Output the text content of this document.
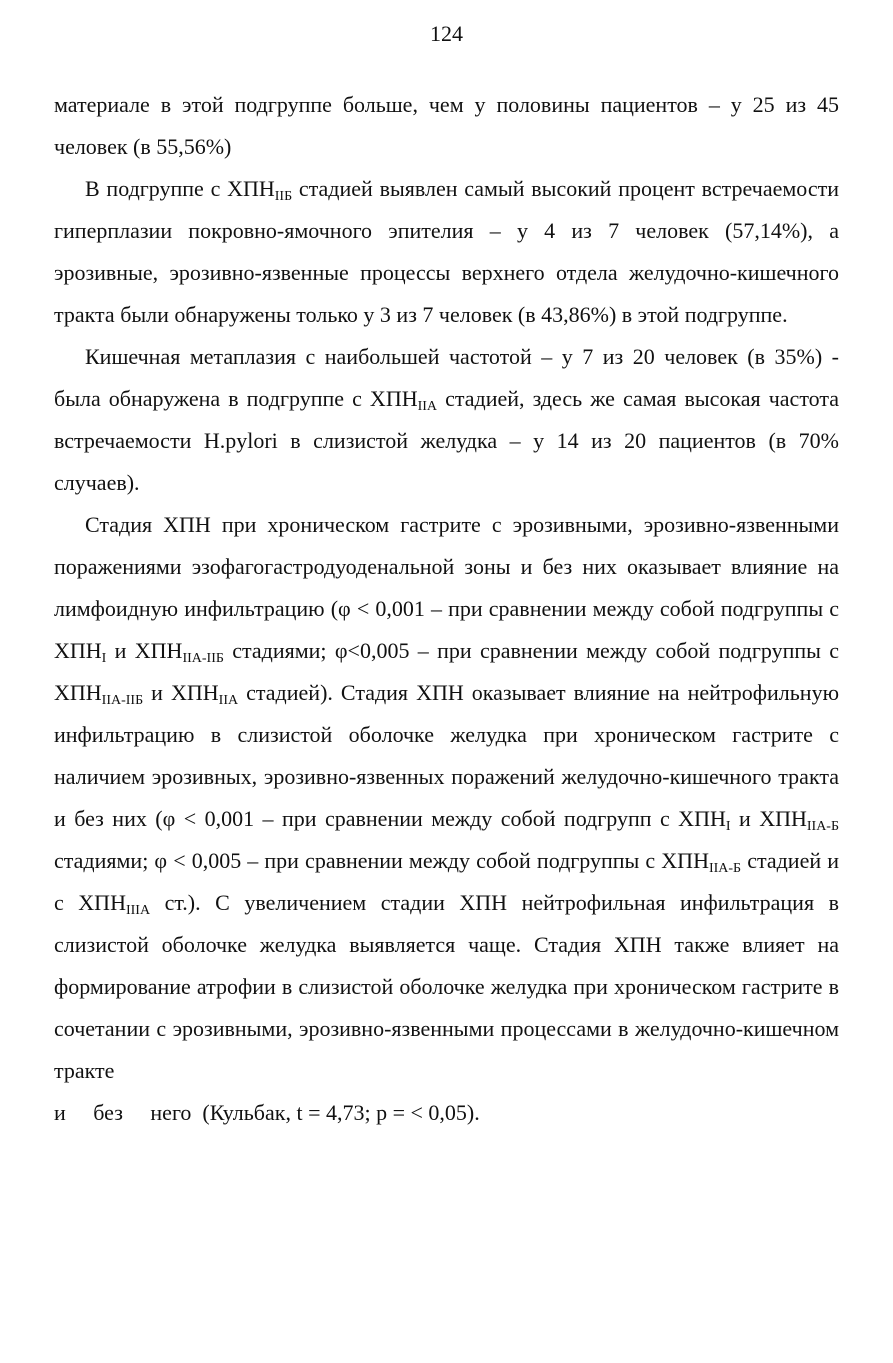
124

материале в этой подгруппе больше, чем у половины пациентов – у 25 из 45 человек (в 55,56%)

В подгруппе с $ХПН_{IIБ}$ стадией выявлен самый высокий процент встречаемости гиперплазии покровно-ямочного эпителия – у 4 из 7 человек (57,14%), а эрозивные, эрозивно-язвенные процессы верхнего отдела желудочно-кишечного тракта были обнаружены только у 3 из 7 человек (в 43,86%) в этой подгруппе.

Кишечная метаплазия с наибольшей частотой – у 7 из 20 человек (в 35%) - была обнаружена в подгруппе с $ХПН_{IIА}$ стадией, здесь же самая высокая частота встречаемости H.pylori в слизистой желудка – у 14 из 20 пациентов (в 70% случаев).

Стадия ХПН при хроническом гастрите с эрозивными, эрозивно-язвенными поражениями эзофагогастродуоденальной зоны и без них оказывает влияние на лимфоидную инфильтрацию (φ < 0,001 – при сравнении между собой подгруппы с $ХПН_I$ и $ХПН_{IIА-IIБ}$ стадиями; φ<0,005 – при сравнении между собой подгруппы с $ХПН_{IIА-IIБ}$ и $ХПН_{IIА}$ стадией). Стадия ХПН оказывает влияние на нейтрофильную инфильтрацию в слизистой оболочке желудка при хроническом гастрите с наличием эрозивных, эрозивно-язвенных поражений желудочно-кишечного тракта и без них (φ < 0,001 – при сравнении между собой подгрупп с $ХПН_I$ и $ХПН_{IIА-Б}$ стадиями; φ < 0,005 – при сравнении между собой подгруппы с $ХПН_{IIА-Б}$ стадией и с $ХПН_{IIIА}$ ст.). С увеличением стадии ХПН нейтрофильная инфильтрация в слизистой оболочке желудка выявляется чаще. Стадия ХПН также влияет на формирование атрофии в слизистой оболочке желудка при хроническом гастрите в сочетании с эрозивными, эрозивно-язвенными процессами в желудочно-кишечном тракте

и     без     него  (Кульбак, t = 4,73; p = < 0,05).
